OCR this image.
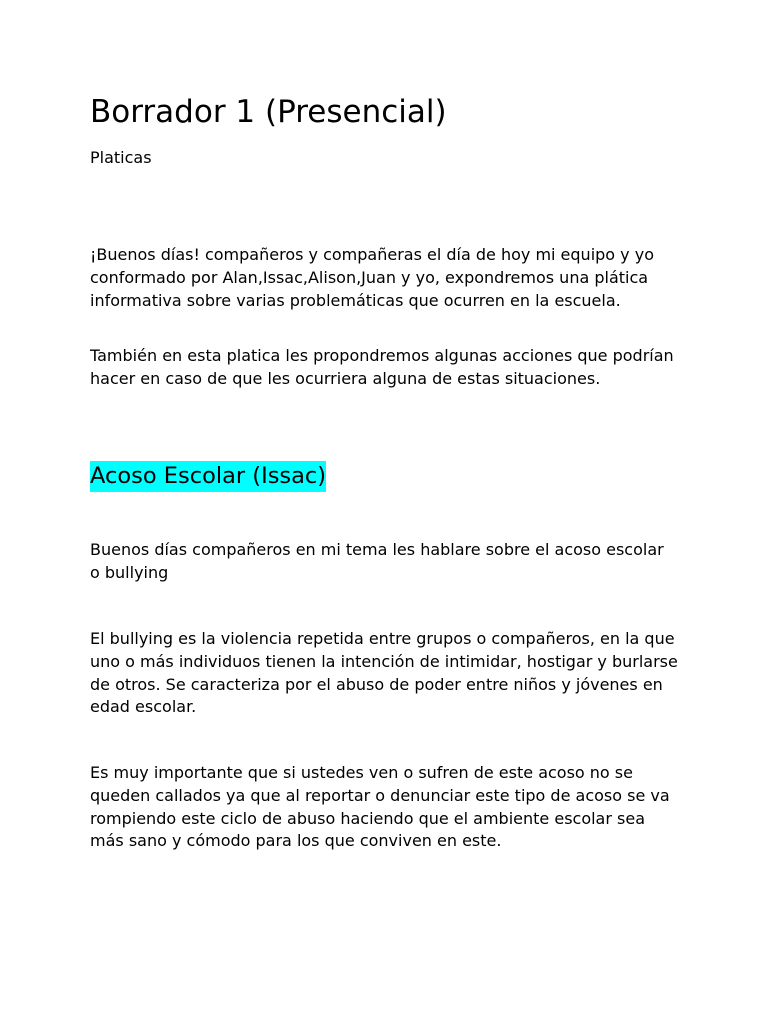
Borrador 1 (Presencial)

Platicas

¡Buenos días! compañeros y compañeras el día de hoy mi equipo y yo conformado por Alan,Issac,Alison,Juan y yo, expondremos una plática informativa sobre varias problemáticas que ocurren en la escuela.

También en esta platica les propondremos algunas acciones que podrían hacer en caso de que les ocurriera alguna de estas situaciones.

Acoso Escolar (Issac)

Buenos días compañeros en mi tema les hablare sobre el acoso escolar o bullying

El bullying es la violencia repetida entre grupos o compañeros, en la que uno o más individuos tienen la intención de intimidar, hostigar y burlarse de otros. Se caracteriza por el abuso de poder entre niños y jóvenes en edad escolar.

Es muy importante que si ustedes ven o sufren de este acoso no se queden callados ya que al reportar o denunciar este tipo de acoso se va rompiendo este ciclo de abuso haciendo que el ambiente escolar sea más sano y cómodo para los que conviven en este.
